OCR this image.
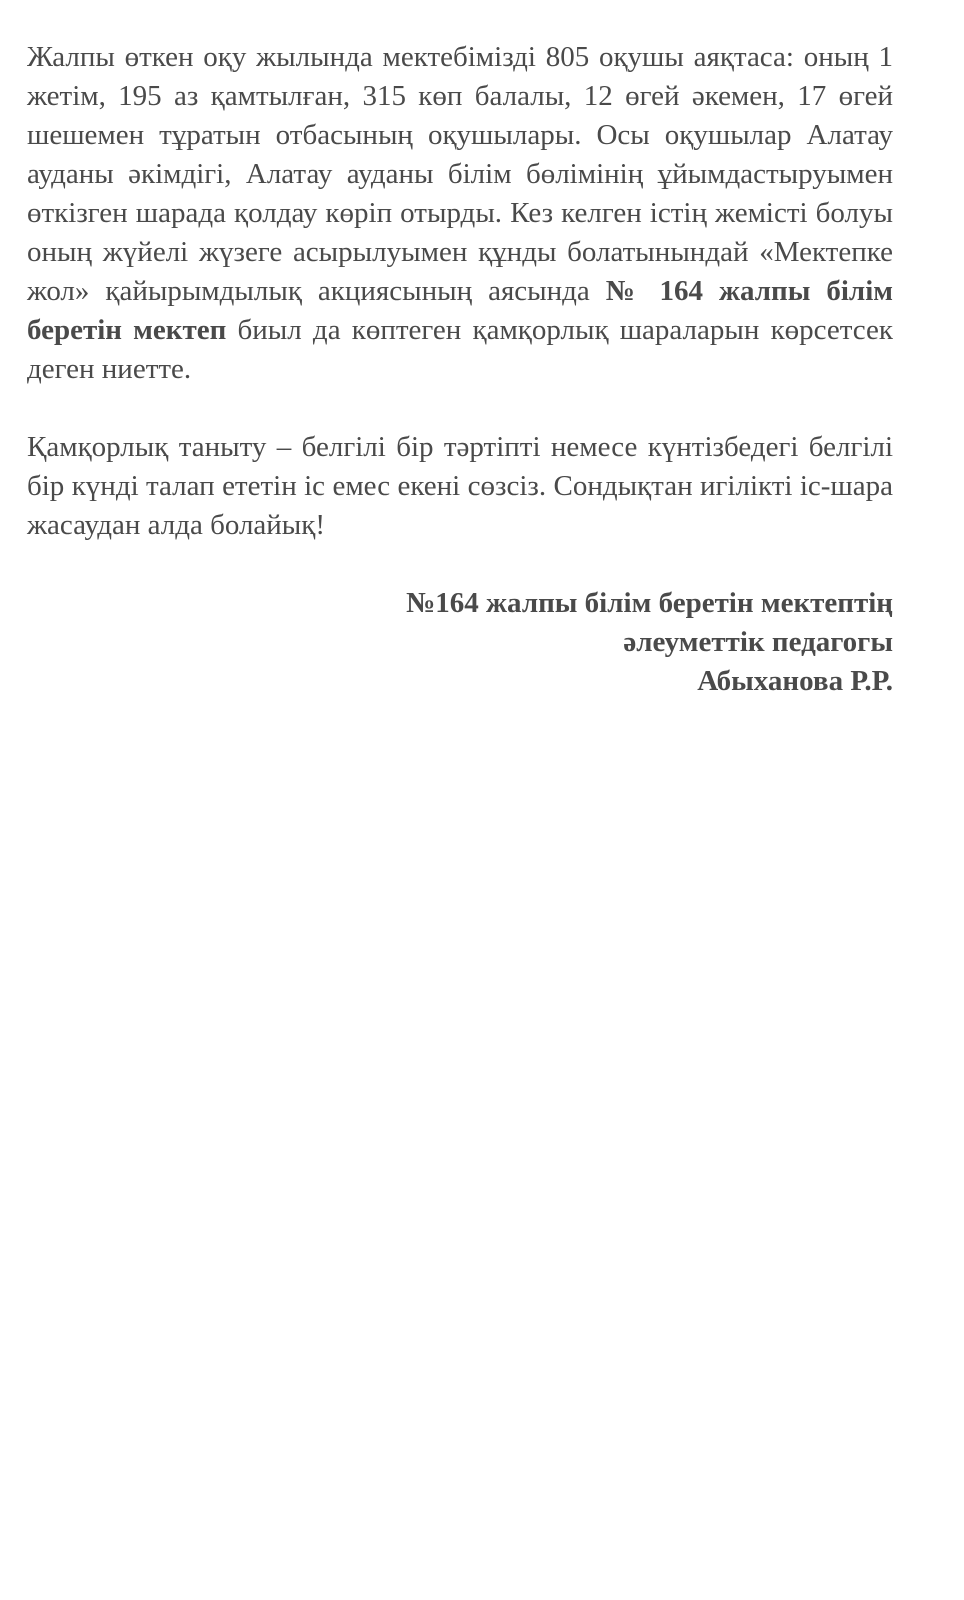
Жалпы өткен оқу жылында мектебімізді 805 оқушы аяқтаса: оның 1 жетім, 195 аз қамтылған, 315 көп балалы, 12 өгей әкемен, 17 өгей шешемен тұратын отбасының оқушылары. Осы оқушылар Алатау ауданы әкімдігі, Алатау ауданы білім бөлімінің ұйымдастыруымен өткізген шарада қолдау көріп отырды. Кез келген істің жемісті болуы оның жүйелі жүзеге асырылуымен құнды болатынындай «Мектепке жол» қайырымдылық акциясының аясында № 164 жалпы білім беретін мектеп биыл да көптеген қамқорлық шараларын көрсетсек деген ниетте.

Қамқорлық таныту – белгілі бір тәртіпті немесе күнтізбедегі белгілі бір күнді талап ететін іс емес екені сөзсіз. Сондықтан игілікті іс-шара жасаудан алда болайық!

№164 жалпы білім беретін мектептің
әлеуметтік педагогы
Абыханова Р.Р.
